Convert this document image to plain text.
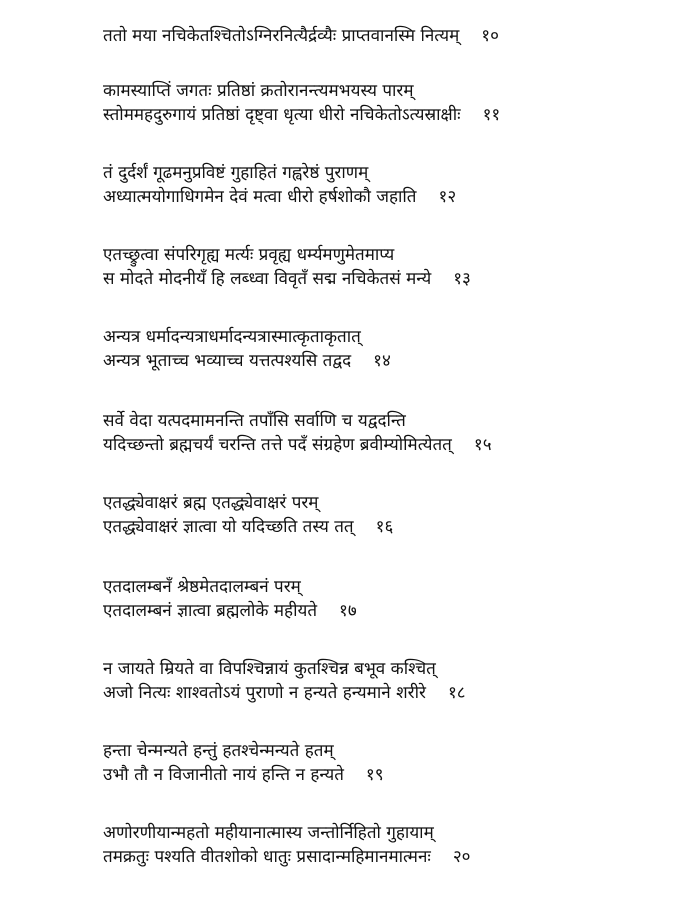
ततो मया नचिकेतश्चितोऽग्निरनित्यैर्द्रव्यैः प्राप्तवानस्मि नित्यम् १०
कामस्याप्तिं जगतः प्रतिष्ठां क्रतोरानन्त्यमभयस्य पारम्
स्तोममहदुरुगायं प्रतिष्ठां दृष्ट्वा धृत्या धीरो नचिकेतोऽत्यस्राक्षीः ११
तं दुर्दर्शं गूढमनुप्रविष्टं गुहाहितं गह्वरेष्ठं पुराणम्
अध्यात्मयोगाधिगमेन देवं मत्वा धीरो हर्षशोकौ जहाति १२
एतच्छ्रुत्वा संपरिगृह्य मर्त्यः प्रवृह्य धर्म्यमणुमेतमाप्य
स मोदते मोदनीयँ हि लब्ध्वा विवृतँ सद्म नचिकेतसं मन्ये १३
अन्यत्र धर्मादन्यत्राधर्मादन्यत्रास्मात्कृताकृतात्
अन्यत्र भूताच्च भव्याच्च यत्तत्पश्यसि तद्वद १४
सर्वे वेदा यत्पदमामनन्ति तपाँसि सर्वाणि च यद्वदन्ति
यदिच्छन्तो ब्रह्मचर्यं चरन्ति तत्ते पदँ संग्रहेण ब्रवीम्योमित्येतत् १५
एतद्ध्येवाक्षरं ब्रह्म एतद्ध्येवाक्षरं परम्
एतद्ध्येवाक्षरं ज्ञात्वा यो यदिच्छति तस्य तत् १६
एतदालम्बनँ श्रेष्ठमेतदालम्बनं परम्
एतदालम्बनं ज्ञात्वा ब्रह्मलोके महीयते १७
न जायते म्रियते वा विपश्चिन्नायं कुतश्चिन्न बभूव कश्चित्
अजो नित्यः शाश्वतोऽयं पुराणो न हन्यते हन्यमाने शरीरे १८
हन्ता चेन्मन्यते हन्तुं हतश्चेन्मन्यते हतम्
उभौ तौ न विजानीतो नायं हन्ति न हन्यते १९
अणोरणीयान्महतो महीयानात्मास्य जन्तोर्निहितो गुहायाम्
तमक्रतुः पश्यति वीतशोको धातुः प्रसादान्महिमानमात्मनः २०
